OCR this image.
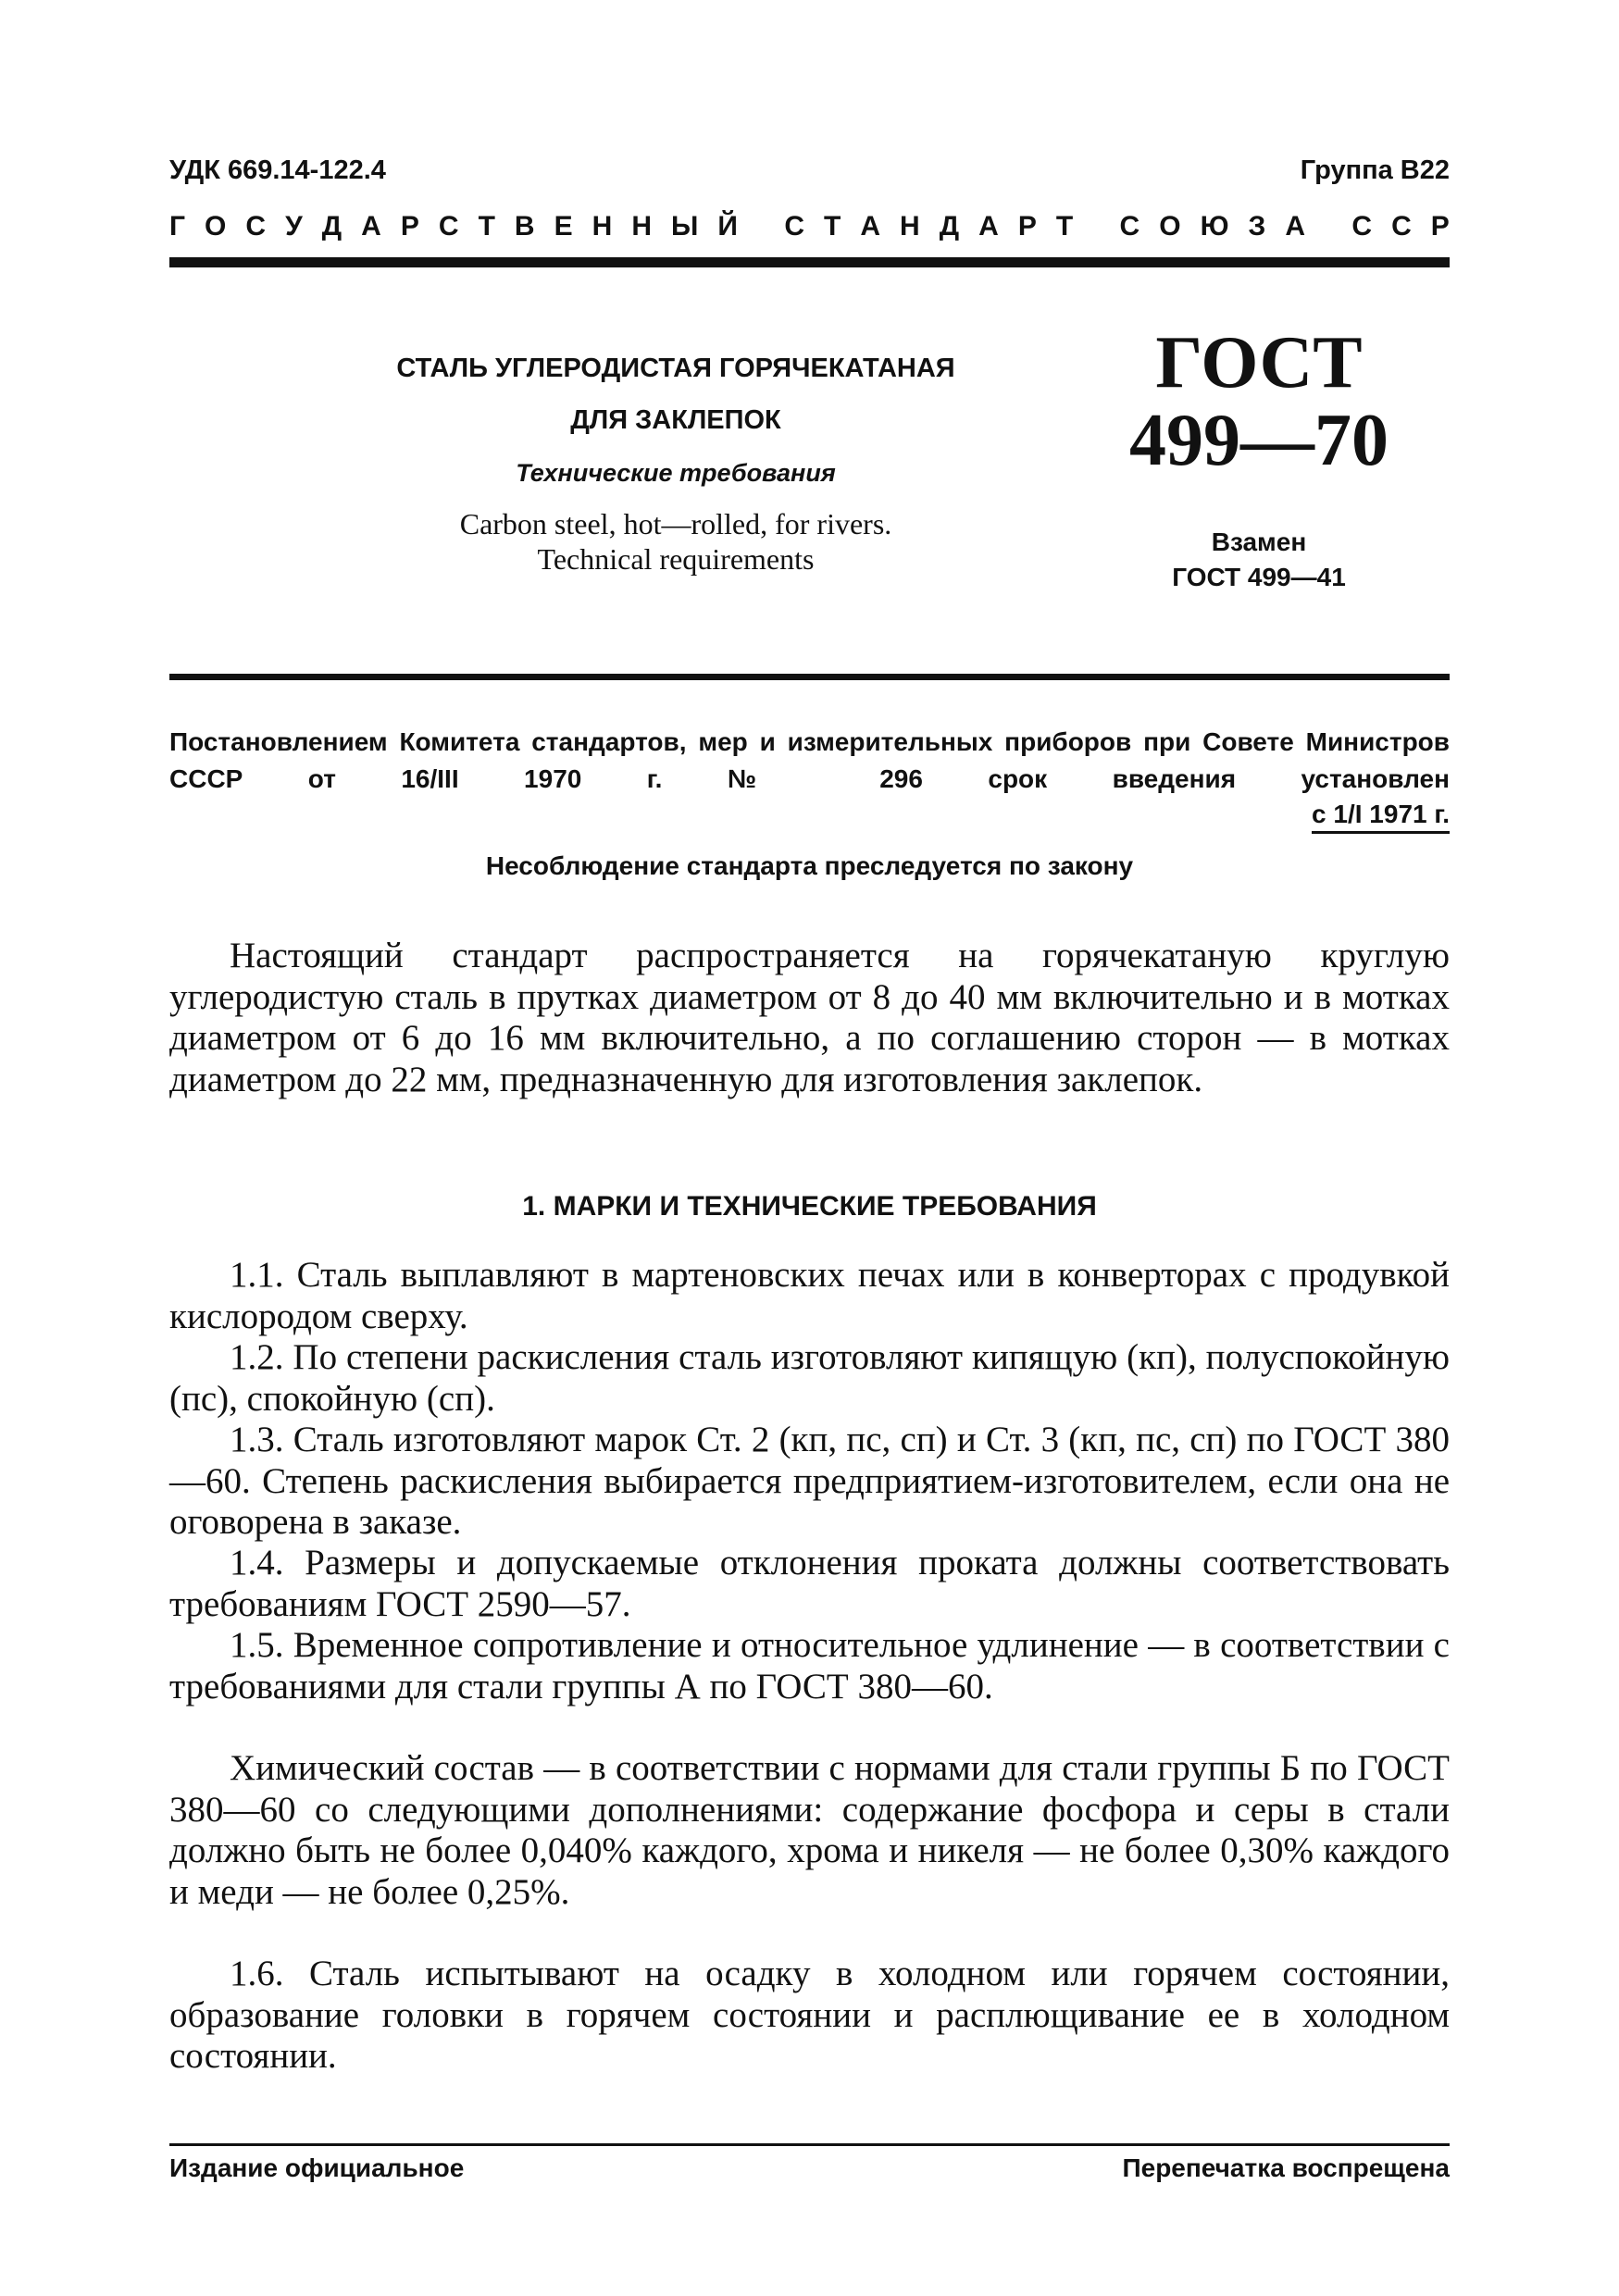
УДК 669.14-122.4	Группа В22
Г О С У Д А Р С Т В Е Н Н Ы Й
С Т А Н Д А Р Т
С О Ю З А
С С Р
СТАЛЬ УГЛЕРОДИСТАЯ ГОРЯЧЕКАТАНАЯ
ДЛЯ ЗАКЛЕПОК
Технические требования
Carbon steel, hot—rolled, for rivers.
Technical requirements
ГОСТ
499—70
Взамен
ГОСТ 499—41
Постановлением Комитета стандартов, мер и измерительных приборов при Совете Министров СССР от 16/III 1970 г. № 296 срок введения установлен
с 1/I 1971 г.
Несоблюдение стандарта преследуется по закону
Настоящий стандарт распространяется на горячекатаную круглую углеродистую сталь в прутках диаметром от 8 до 40 мм включительно и в мотках диаметром от 6 до 16 мм включительно, а по соглашению сторон — в мотках диаметром до 22 мм, предназначенную для изготовления заклепок.
1. МАРКИ И ТЕХНИЧЕСКИЕ ТРЕБОВАНИЯ
1.1. Сталь выплавляют в мартеновских печах или в конверторах с продувкой кислородом сверху.
1.2. По степени раскисления сталь изготовляют кипящую (кп), полуспокойную (пс), спокойную (сп).
1.3. Сталь изготовляют марок Ст. 2 (кп, пс, сп) и Ст. 3 (кп, пс, сп) по ГОСТ 380—60. Степень раскисления выбирается предприятием-изготовителем, если она не оговорена в заказе.
1.4. Размеры и допускаемые отклонения проката должны соответствовать требованиям ГОСТ 2590—57.
1.5. Временное сопротивление и относительное удлинение — в соответствии с требованиями для стали группы А по ГОСТ 380—60.
Химический состав — в соответствии с нормами для стали группы Б по ГОСТ 380—60 со следующими дополнениями: содержание фосфора и серы в стали должно быть не более 0,040% каждого, хрома и никеля — не более 0,30% каждого и меди — не более 0,25%.
1.6. Сталь испытывают на осадку в холодном или горячем состоянии, образование головки в горячем состоянии и расплющивание ее в холодном состоянии.
Издание официальное	Перепечатка воспрещена
